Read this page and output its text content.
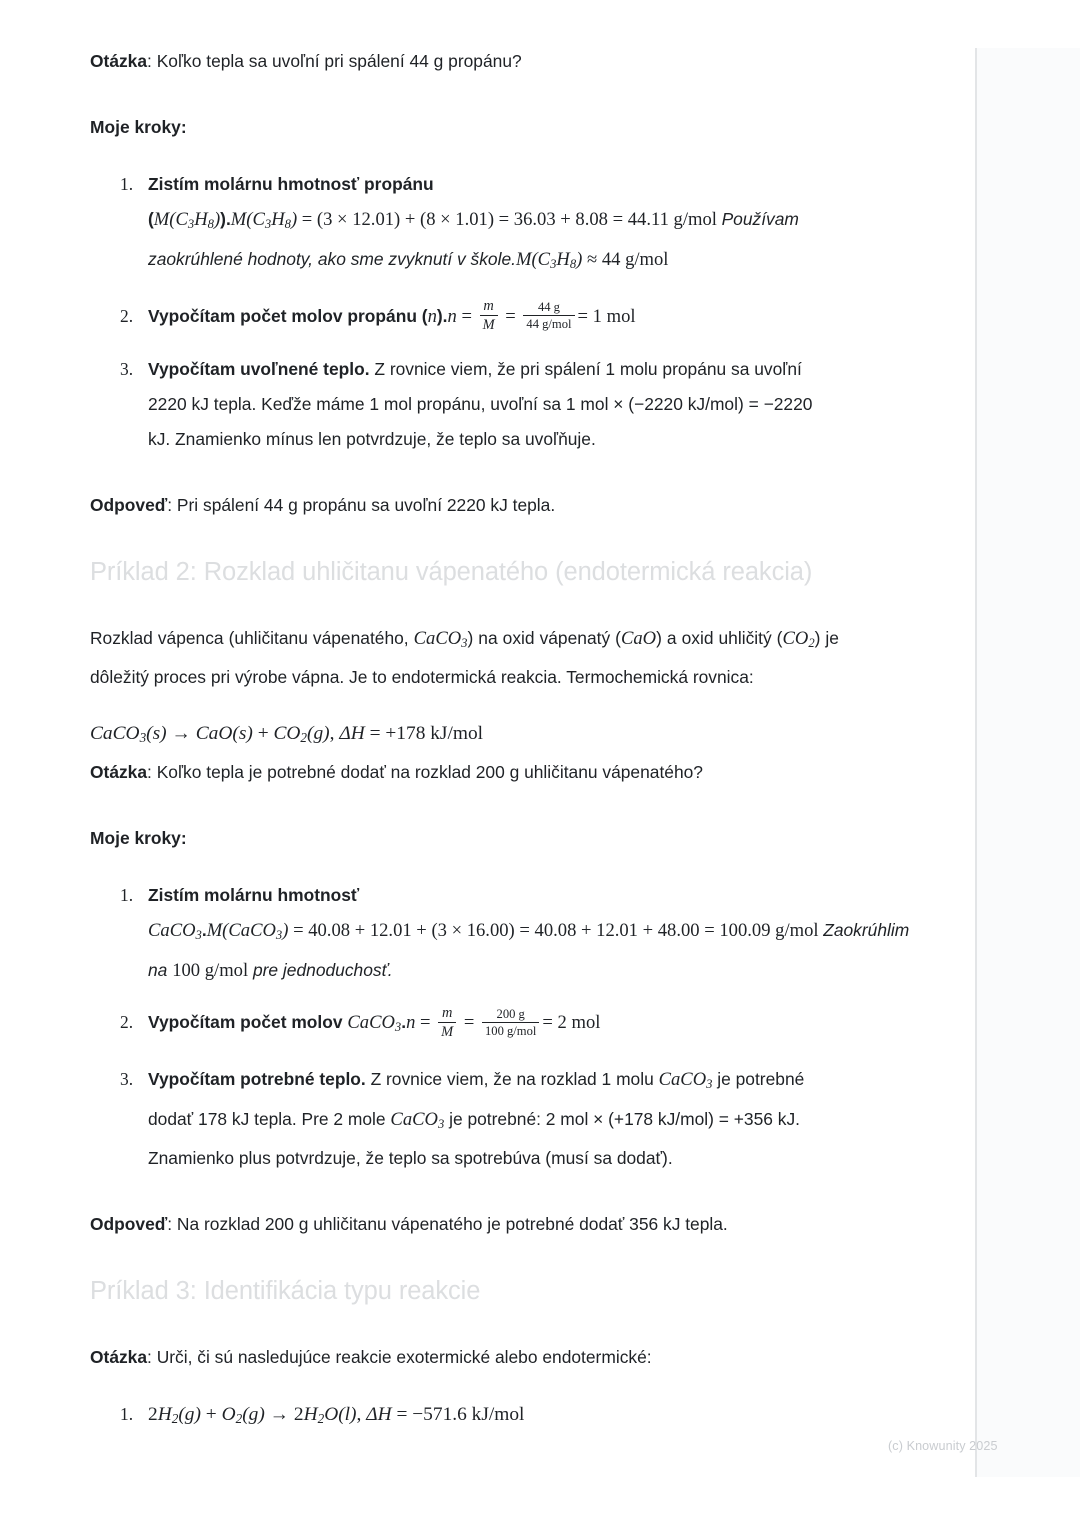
Otázka: Koľko tepla sa uvoľní pri spálení 44 g propánu?

Moje kroky:

Zistím molárnu hmotnosť propánu $(M(C_3H_8)).M(C_3H_8) = (3 \times 12.01) + (8 \times 1.01) = 36.03 + 8.08 = 44.11$ g/mol Používam zaokrúhlené hodnoty, ako sme zvyknutí v $škole.M(C_3H_8) \approx 44$ g/mol
Vypočítam počet molov propánu $(n).n = \frac{m}{M} = \frac{44 g}{\text{44 g/mol}} = 1$ mol
Vypočítam uvoľnené teplo. Z rovnice viem, že pri spálení 1 molu propánu sa uvoľní 2220 kJ tepla. Keďže máme 1 mol propánu, uvoľní sa 1 mol × (−2220 kJ/mol) = −2220 kJ. Znamienko mínus len potvrdzuje, že teplo sa uvoľňuje.

Odpoveď: Pri spálení 44 g propánu sa uvoľní 2220 kJ tepla.

Príklad 2: Rozklad uhličitanu vápenatého (endotermická reakcia)

Rozklad vápenca (uhličitanu vápenatého, CaCO$_3$) na oxid vápenatý (CaO) a oxid uhličitý $(CO_2)$ je dôležitý proces pri výrobe vápna. Je to endotermická reakcia. Termochemická rovnica:

CaCO3(s) → CaO(s) + CO2(g), ΔH = +178 kJ/mol

Otázka: Koľko tepla je potrebné dodať na rozklad 200 g uhličitanu vápenatého?

Moje kroky:

Zistím molárnu hmotnosť CaCO$_3$.M(CaCO$_3$) = 40.08 + 12.01 + (3 × 16.00) = 40.08 + 12.01 + 48.00 = 100.09 g/mol Zaokrúhlim na 100 g/mol pre jednoduchosť.
Vypočítam počet molov CaCO$_3$.n = $\frac{m}{M} = \frac{200 g}{\text{100 g/mol}} = 2$ mol
Vypočítam potrebné teplo. Z rovnice viem, že na rozklad 1 molu CaCO$_3$ je potrebné dodať 178 kJ tepla. Pre 2 mole CaCO$_3$ je potrebné: 2 mol × (+178 kJ/mol) = +356 kJ. Znamienko plus potvrdzuje, že teplo sa spotrebúva (musí sa dodať).

Odpoveď: Na rozklad 200 g uhličitanu vápenatého je potrebné dodať 356 kJ tepla.

Príklad 3: Identifikácia typu reakcie

Otázka: Urči, či sú nasledujúce reakcie exotermické alebo endotermické:

2H2(g) + O2(g) → 2H2O(l), ΔH = −571.6 kJ/mol
(c) Knowunity 2025
